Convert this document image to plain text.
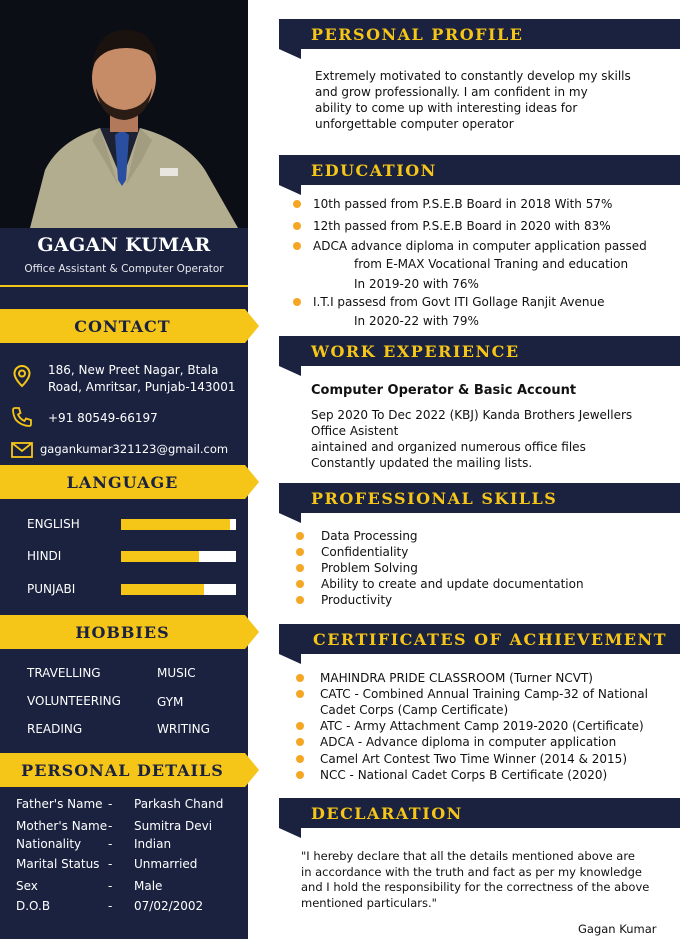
GAGAN KUMAR
Office Assistant & Computer Operator
CONTACT
186, New Preet Nagar, Btala
Road, Amritsar, Punjab-143001
+91 80549-66197
gagankumar321123@gmail.com
LANGUAGE
ENGLISH
HINDI
PUNJABI
HOBBIES
TRAVELLING	MUSIC
VOLUNTEERING	GYM
READING	WRITING
PERSONAL DETAILS
Father's Name -	Parkash Chand
Mother's Name -	Sumitra Devi
Nationality	-	Indian
Marital Status -	Unmarried
Sex	-	Male
D.O.B	-	07/02/2002
PERSONAL PROFILE
Extremely motivated to constantly develop my skills
and grow professionally. I am confident in my
ability to come up with interesting ideas for
unforgettable computer operator
EDUCATION
10th passed from P.S.E.B Board in 2018 With 57%
12th passed from P.S.E.B Board in 2020 with 83%
ADCA advance diploma in computer application passed
from E-MAX Vocational Traning and education
In 2019-20 with 76%
I.T.I passesd from Govt ITI Gollage Ranjit Avenue
In 2020-22 with 79%
WORK EXPERIENCE
Computer Operator & Basic Account
Sep 2020 To Dec 2022 (KBJ) Kanda Brothers Jewellers
Office Asistent
aintained and organized numerous office files
Constantly updated the mailing lists.
PROFESSIONAL SKILLS
Data Processing
Confidentiality
Problem Solving
Ability to create and update documentation
Productivity
CERTIFICATES OF ACHIEVEMENT
MAHINDRA PRIDE CLASSROOM (Turner NCVT)
CATC - Combined Annual Training Camp-32 of National
Cadet Corps (Camp Certificate)
ATC - Army Attachment Camp 2019-2020 (Certificate)
ADCA - Advance diploma in computer application
Camel Art Contest Two Time Winner (2014 & 2015)
NCC - National Cadet Corps B Certificate (2020)
DECLARATION
"I hereby declare that all the details mentioned above are
in accordance with the truth and fact as per my knowledge
and I hold the responsibility for the correctness of the above
mentioned particulars."
Gagan Kumar
